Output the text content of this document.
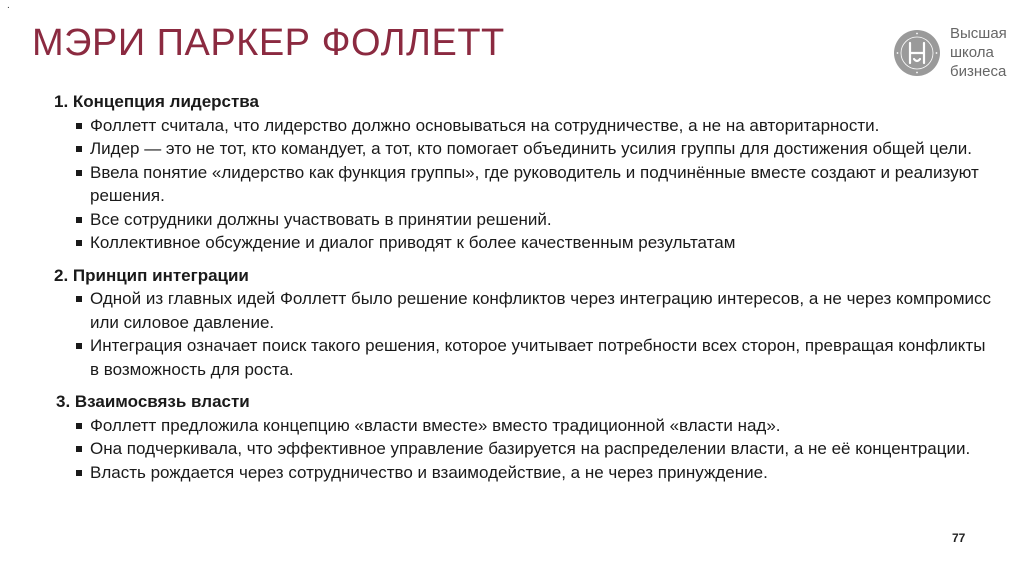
.
МЭРИ ПАРКЕР ФОЛЛЕТТ	Высшая
школа
бизнеса

1. Концепция лидерства

Фоллетт считала, что лидерство должно основываться на сотрудничестве, а не на авторитарности.
Лидер — это не тот, кто командует, а тот, кто помогает объединить усилия группы для достижения общей цели.
Ввела понятие «лидерство как функция группы», где руководитель и подчинённые вместе создают и реализуют решения.
Все сотрудники должны участвовать в принятии решений.
Коллективное обсуждение и диалог приводят к более качественным результатам

2. Принцип интеграции

Одной из главных идей Фоллетт было решение конфликтов через интеграцию интересов, а не через компромисс или силовое давление.
Интеграция означает поиск такого решения, которое учитывает потребности всех сторон, превращая конфликты в возможность для роста.

3. Взаимосвязь власти

Фоллетт предложила концепцию «власти вместе» вместо традиционной «власти над».
Она подчеркивала, что эффективное управление базируется на распределении власти, а не её концентрации.
Власть рождается через сотрудничество и взаимодействие, а не через принуждение.
77
